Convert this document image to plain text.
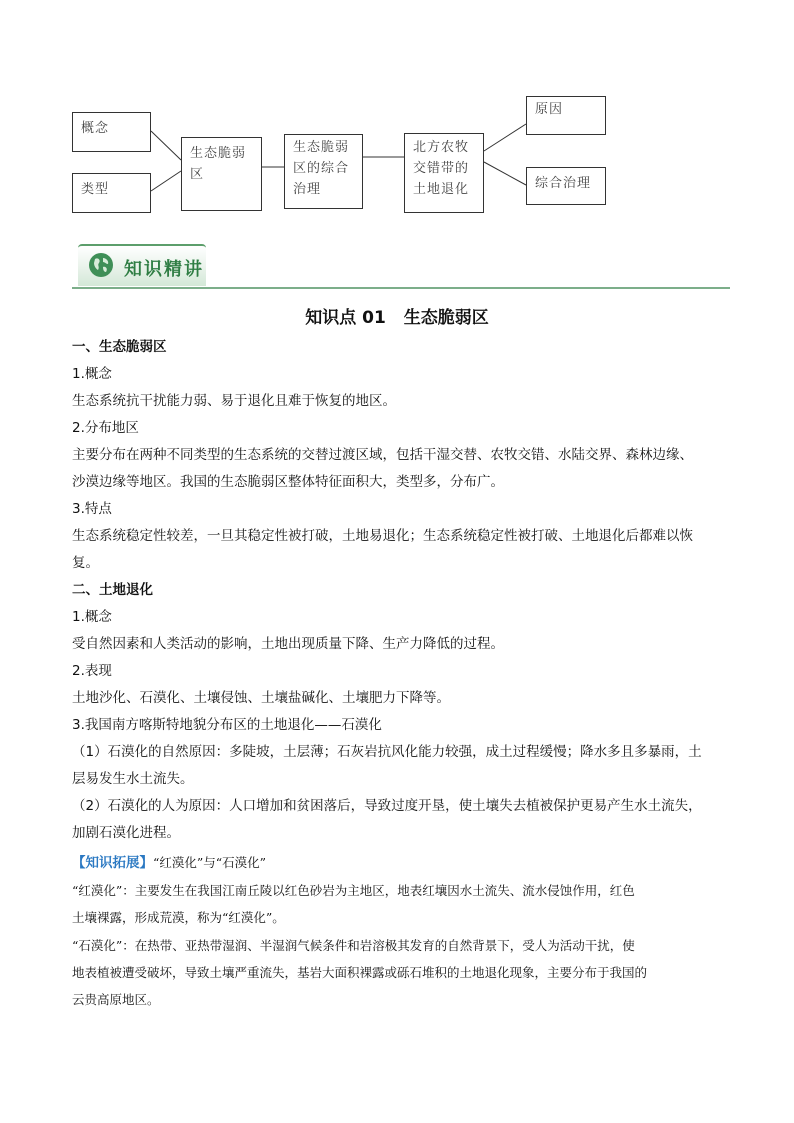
概念
类型
生态脆弱区
生态脆弱区的综合治理
北方农牧交错带的土地退化
原因
综合治理
知识精讲
知识点 01 生态脆弱区
一、生态脆弱区
1.概念
生态系统抗干扰能力弱、易于退化且难于恢复的地区。
2.分布地区
主要分布在两种不同类型的生态系统的交替过渡区域，包括干湿交替、农牧交错、水陆交界、森林边缘、
沙漠边缘等地区。我国的生态脆弱区整体特征面积大，类型多，分布广。
3.特点
生态系统稳定性较差，一旦其稳定性被打破，土地易退化；生态系统稳定性被打破、土地退化后都难以恢
复。
二、土地退化
1.概念
受自然因素和人类活动的影响，土地出现质量下降、生产力降低的过程。
2.表现
土地沙化、石漠化、土壤侵蚀、土壤盐碱化、土壤肥力下降等。
3.我国南方喀斯特地貌分布区的土地退化——石漠化
（1）石漠化的自然原因：多陡坡，土层薄；石灰岩抗风化能力较强，成土过程缓慢；降水多且多暴雨，土
层易发生水土流失。
（2）石漠化的人为原因：人口增加和贫困落后，导致过度开垦，使土壤失去植被保护更易产生水土流失，
加剧石漠化进程。
【知识拓展】“红漠化”与“石漠化”
“红漠化”：主要发生在我国江南丘陵以红色砂岩为主地区，地表红壤因水土流失、流水侵蚀作用，红色
土壤裸露，形成荒漠，称为“红漠化”。
“石漠化”：在热带、亚热带湿润、半湿润气候条件和岩溶极其发育的自然背景下，受人为活动干扰，使
地表植被遭受破坏，导致土壤严重流失，基岩大面积裸露或砾石堆积的土地退化现象，主要分布于我国的
云贵高原地区。
